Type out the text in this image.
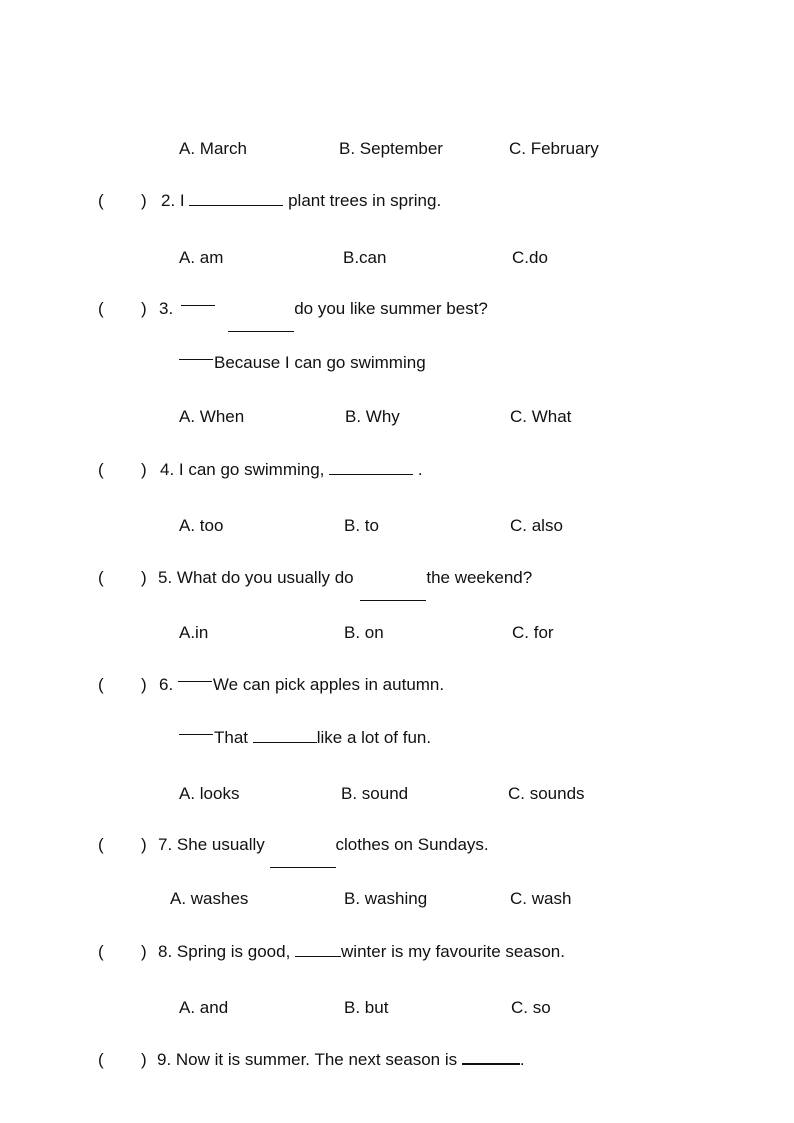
A. March	B. September	C. February
( ) 2. I	plant trees in spring.
A. am	B.can	C.do
( ) 3.	do you like summer best?
Because I can go swimming
A. When	B. Why	C. What
( ) 4. I can go swimming,	.
A. too	B. to	C. also
( ) 5. What do you usually do	the weekend?
A.in	B. on	C. for
( ) 6. We can pick apples in autumn.
That	like a lot of fun.
A. looks	B. sound	C. sounds
( ) 7. She usually	clothes on Sundays.
A. washes	B. washing	C. wash
( ) 8. Spring is good,	winter is my favourite season.
A. and	B. but	C. so
( ) 9. Now it is summer. The next season is	.
